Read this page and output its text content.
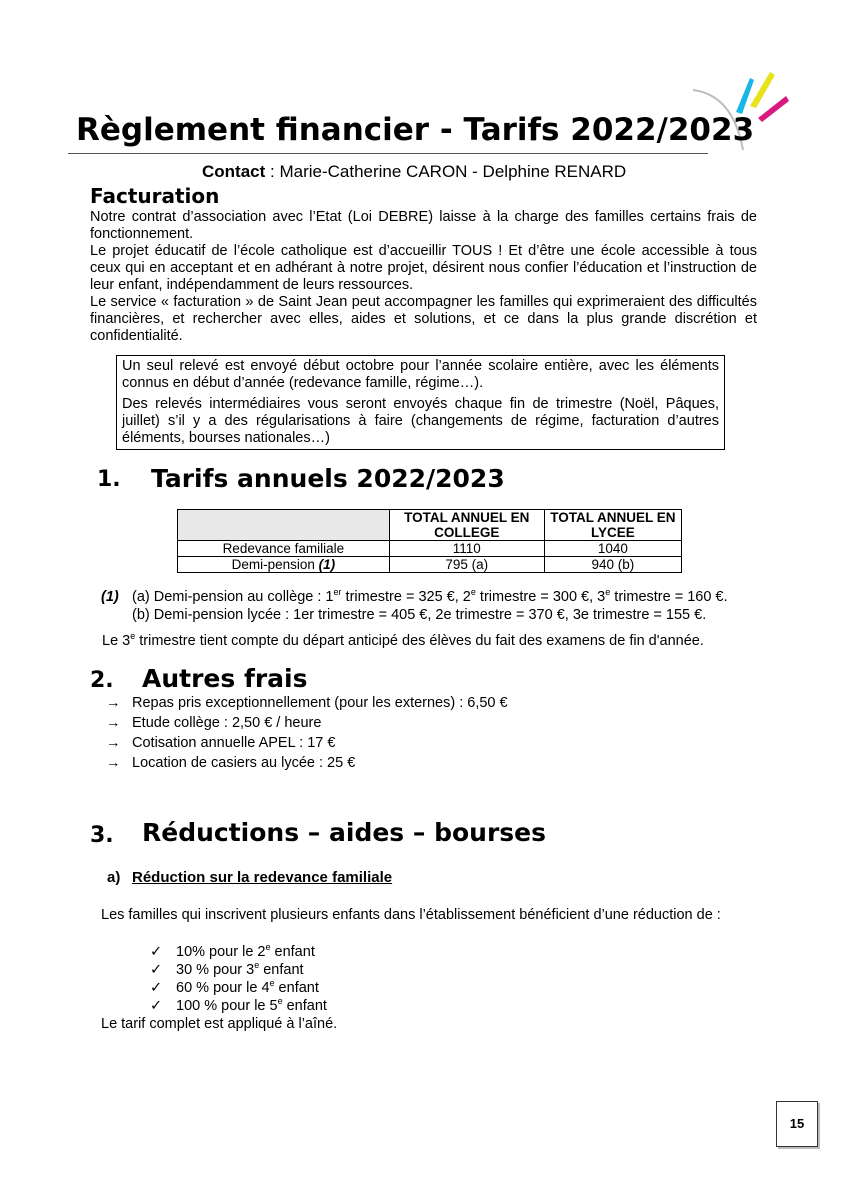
Règlement financier - Tarifs 2022/2023
Contact : Marie-Catherine CARON - Delphine RENARD
Facturation

Notre contrat d’association avec l’Etat (Loi DEBRE) laisse à la charge des familles certains frais de fonctionnement.

Le projet éducatif de l’école catholique est d’accueillir TOUS ! Et d’être une école accessible à tous ceux qui en acceptant et en adhérant à notre projet, désirent nous confier l’éducation et l’instruction de leur enfant, indépendamment de leurs ressources.

Le service « facturation » de Saint Jean peut accompagner les familles qui exprimeraient des difficultés financières, et rechercher avec elles, aides et solutions, et ce dans la plus grande discrétion et confidentialité.

Un seul relevé est envoyé début octobre pour l’année scolaire entière, avec les éléments connus en début d’année (redevance famille, régime…).

Des relevés intermédiaires vous seront envoyés chaque fin de trimestre (Noël, Pâques, juillet) s’il y a des régularisations à faire (changements de régime, facturation d’autres éléments, bourses nationales…)

1. Tarifs annuels 2022/2023
	TOTAL ANNUEL EN COLLEGE	TOTAL ANNUEL EN LYCEE
Redevance familiale	1110	1040
Demi-pension (1)	795 (a)	940 (b)
(1) (a) Demi-pension au collège : 1er trimestre = 325 €, 2e trimestre = 300 €, 3e trimestre = 160 €.
(b) Demi-pension lycée : 1er trimestre = 405 €, 2e trimestre = 370 €, 3e trimestre = 155 €.
Le 3e trimestre tient compte du départ anticipé des élèves du fait des examens de fin d'année.
2. Autres frais
→ Repas pris exceptionnellement (pour les externes) : 6,50 €
→ Etude collège : 2,50 € / heure
→ Cotisation annuelle APEL : 17 €
→ Location de casiers au lycée : 25 €
3. Réductions – aides – bourses
a) Réduction sur la redevance familiale
Les familles qui inscrivent plusieurs enfants dans l’établissement bénéficient d’une réduction de :
✓ 10% pour le 2e enfant
✓ 30 % pour 3e enfant
✓ 60 % pour le 4e enfant
✓ 100 % pour le 5e enfant
Le tarif complet est appliqué à l’aîné.
15
